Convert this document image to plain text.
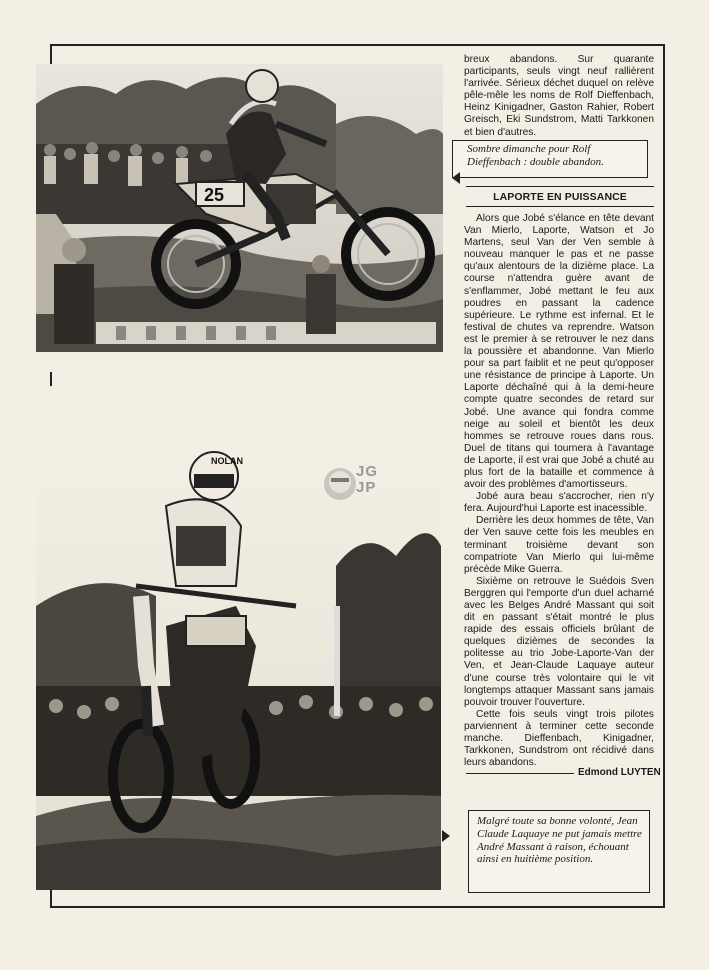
25
NOLAN
JG JP

breux abandons. Sur quarante participants, seuls vingt neuf rallièrent l'arrivée. Sérieux déchet duquel on relève pêle-mêle les noms de Rolf Dieffenbach, Heinz Kinigadner, Gaston Rahier, Robert Greisch, Eki Sundstrom, Matti Tarkkonen et bien d'autres.

Sombre dimanche pour Rolf Dieffenbach : double abandon.
LAPORTE EN PUISSANCE

Alors que Jobé s'élance en tête devant Van Mierlo, Laporte, Watson et Jo Martens, seul Van der Ven semble à nouveau manquer le pas et ne passe qu'aux alentours de la dizième place. La course n'attendra guère avant de s'enflammer, Jobé mettant le feu aux poudres en passant la cadence supérieure. Le rythme est infernal. Et le festival de chutes va reprendre. Watson est le premier à se retrouver le nez dans la poussière et abandonne. Van Mierlo pour sa part faiblit et ne peut qu'opposer une résistance de principe à Laporte. Un Laporte déchaîné qui à la demi-heure compte quatre secondes de retard sur Jobé. Une avance qui fondra comme neige au soleil et bientôt les deux hommes se retrouve roues dans rous. Duel de titans qui tournera à l'avantage de Laporte, il est vrai que Jobé a chuté au plus fort de la bataille et commence à avoir des problèmes d'amortisseurs.

Jobé aura beau s'accrocher, rien n'y fera. Aujourd'hui Laporte est inacessible.

Derrière les deux hommes de tête, Van der Ven sauve cette fois les meubles en terminant troisième devant son compatriote Van Mierlo qui lui-même précède Mike Guerra.

Sixième on retrouve le Suédois Sven Berggren qui l'emporte d'un duel acharné avec les Belges André Massant qui soit dit en passant s'était montré le plus rapide des essais officiels brûlant de quelques dizièmes de secondes la politesse au trio Jobe-Laporte-Van der Ven, et Jean-Claude Laquaye auteur d'une course très volontaire qui le vit longtemps attaquer Massant sans jamais pouvoir trouver l'ouverture.

Cette fois seuls vingt trois pilotes parviennent à terminer cette seconde manche. Dieffenbach, Kinigadner, Tarkkonen, Sundstrom ont récidivé dans leurs abandons.

Edmond LUYTEN
Malgré toute sa bonne volonté, Jean Claude Laquaye ne put jamais mettre André Massant à raison, échouant ainsi en huitième position.
